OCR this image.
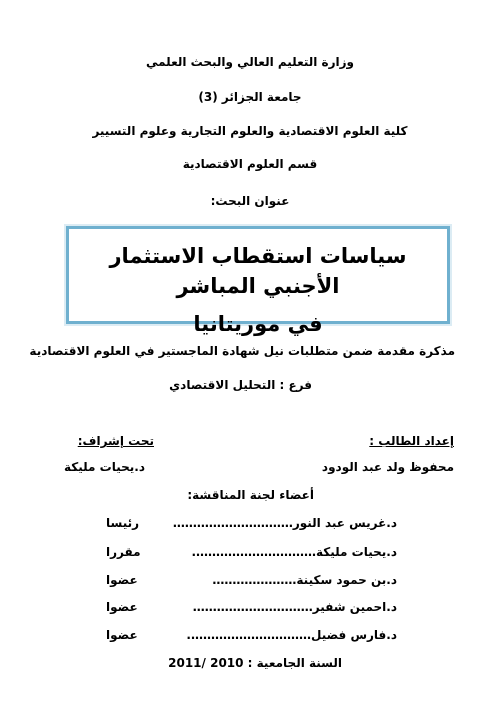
وزارة التعليم العالي والبحث العلمي
جامعة الجزائر (3)
كلية العلوم الاقتصادية والعلوم التجارية وعلوم التسيير
قسم العلوم الاقتصادية
عنوان البحث:
سياسات استقطاب الاستثمار الأجنبي المباشر
في موريتانيا
مذكرة مقدمة ضمن متطلبات نيل شهادة الماجستير في العلوم الاقتصادية
فرع : التحليل الاقتصادي
إعداد الطالب :
محفوظ ولد عبد الودود
تحت إشراف:
د.يحيات مليكة
أعضاء لجنة المناقشة:
د.غريس عبد النور…………………………
رئيسا
د.يحيات مليكة………………………….
مقررا
د.بن حمود سكينة…………………
عضوا
د.احمين شفير…………………………
عضوا
د.فارس فضيل………………………….
عضوا
السنة الجامعية : 2010 /2011
